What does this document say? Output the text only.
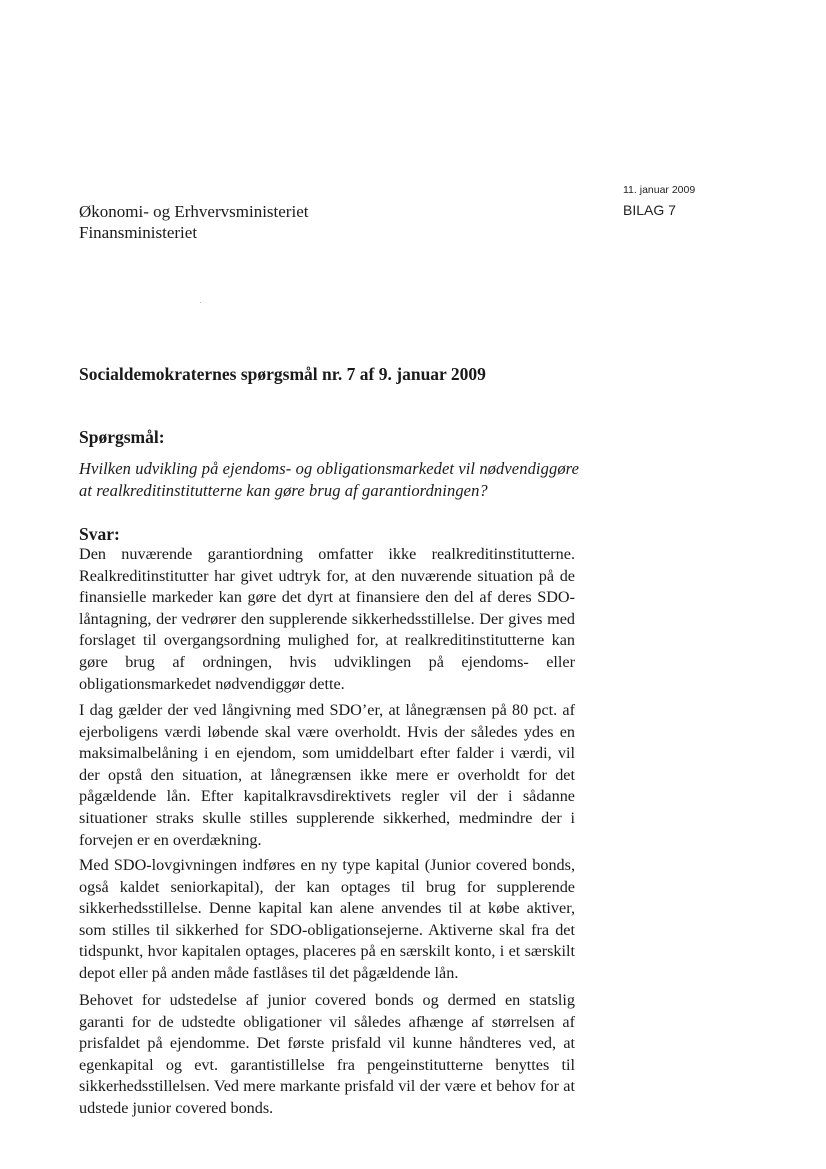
11. januar 2009
BILAG 7
Økonomi- og Erhvervsministeriet
Finansministeriet
Socialdemokraternes spørgsmål nr. 7 af 9. januar 2009
Spørgsmål:
Hvilken udvikling på ejendoms- og obligationsmarkedet vil nødvendiggøre at realkreditinstitutterne kan gøre brug af garantiordningen?
Svar:
Den nuværende garantiordning omfatter ikke realkreditinstitutterne. Realkreditinstitutter har givet udtryk for, at den nuværende situation på de finansielle markeder kan gøre det dyrt at finansiere den del af deres SDO-låntagning, der vedrører den supplerende sikkerhedsstillelse. Der gives med forslaget til overgangsordning mulighed for, at realkreditinstitutterne kan gøre brug af ordningen, hvis udviklingen på ejendoms- eller obligationsmarkedet nødvendiggør dette.
I dag gælder der ved långivning med SDO’er, at lånegrænsen på 80 pct. af ejerboligens værdi løbende skal være overholdt. Hvis der således ydes en maksimalbelåning i en ejendom, som umiddelbart efter falder i værdi, vil der opstå den situation, at lånegrænsen ikke mere er overholdt for det pågældende lån. Efter kapitalkravsdirektivets regler vil der i sådanne situationer straks skulle stilles supplerende sikkerhed, medmindre der i forvejen er en overdækning.
Med SDO-lovgivningen indføres en ny type kapital (Junior covered bonds, også kaldet seniorkapital), der kan optages til brug for supplerende sikkerhedsstillelse. Denne kapital kan alene anvendes til at købe aktiver, som stilles til sikkerhed for SDO-obligationsejerne. Aktiverne skal fra det tidspunkt, hvor kapitalen optages, placeres på en særskilt konto, i et særskilt depot eller på anden måde fastlåses til det pågældende lån.
Behovet for udstedelse af junior covered bonds og dermed en statslig garanti for de udstedte obligationer vil således afhænge af størrelsen af prisfaldet på ejendomme. Det første prisfald vil kunne håndteres ved, at egenkapital og evt. garantistillelse fra pengeinstitutterne benyttes til sikkerhedsstillelsen. Ved mere markante prisfald vil der være et behov for at udstede junior covered bonds.
